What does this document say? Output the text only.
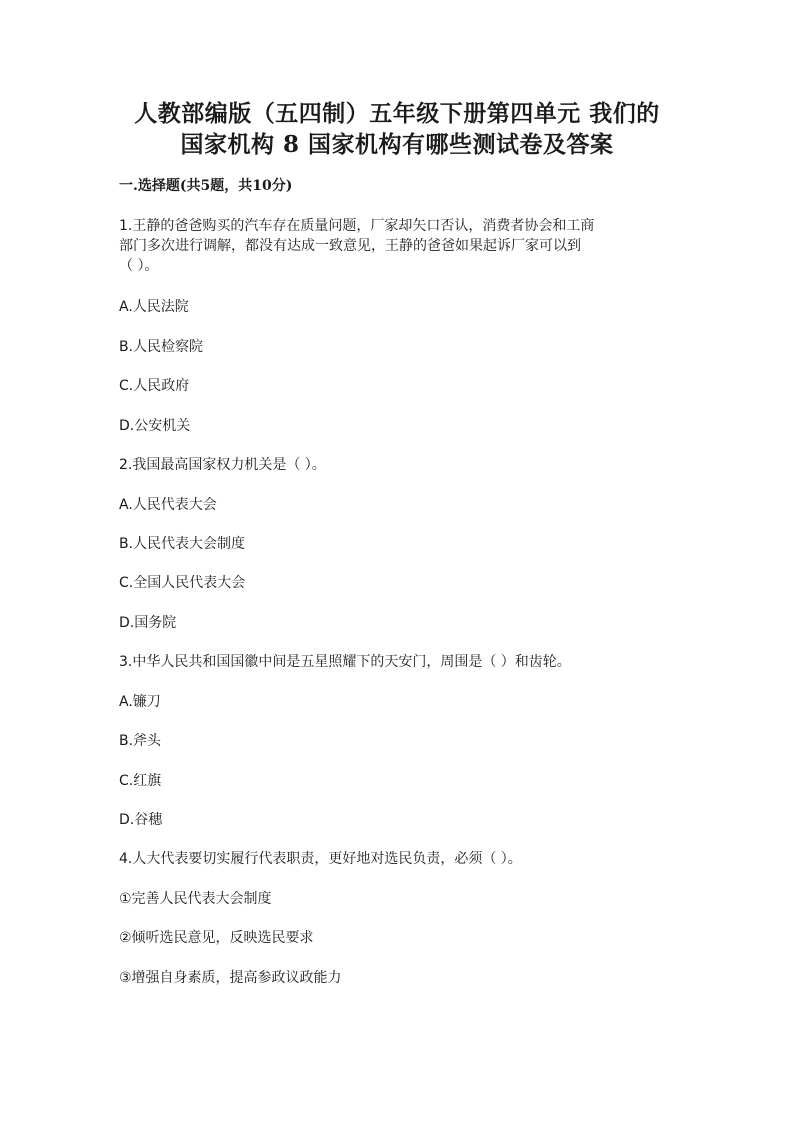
人教部编版（五四制）五年级下册第四单元 我们的
国家机构 8 国家机构有哪些测试卷及答案
一.选择题(共5题，共10分)
1.王静的爸爸购买的汽车存在质量问题，厂家却矢口否认，消费者协会和工商
部门多次进行调解，都没有达成一致意见，王静的爸爸如果起诉厂家可以到
（ ）。
A.人民法院
B.人民检察院
C.人民政府
D.公安机关
2.我国最高国家权力机关是（ ）。
A.人民代表大会
B.人民代表大会制度
C.全国人民代表大会
D.国务院
3.中华人民共和国国徽中间是五星照耀下的天安门，周围是（ ）和齿轮。
A.镰刀
B.斧头
C.红旗
D.谷穗
4.人大代表要切实履行代表职责，更好地对选民负责，必须（ ）。
①完善人民代表大会制度
②倾听选民意见，反映选民要求
③增强自身素质，提高参政议政能力
